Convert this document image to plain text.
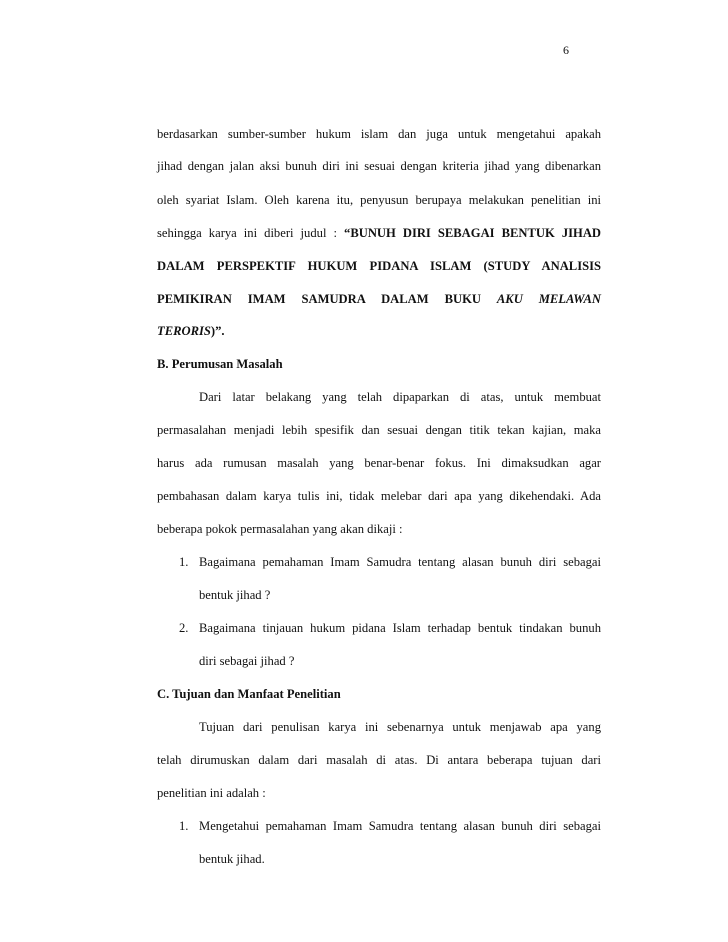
6
berdasarkan sumber-sumber hukum islam dan juga untuk mengetahui apakah
jihad dengan jalan aksi bunuh diri ini sesuai dengan kriteria jihad yang dibenarkan
oleh syariat Islam. Oleh karena itu, penyusun berupaya melakukan penelitian ini
sehingga karya ini diberi judul : “BUNUH DIRI SEBAGAI BENTUK JIHAD
DALAM PERSPEKTIF HUKUM PIDANA ISLAM (STUDY ANALISIS
PEMIKIRAN IMAM SAMUDRA DALAM BUKU AKU MELAWAN
TERORIS)”.
B. Perumusan Masalah
Dari latar belakang yang telah dipaparkan di atas, untuk membuat
permasalahan menjadi lebih spesifik dan sesuai dengan titik tekan kajian, maka
harus ada rumusan masalah yang benar-benar fokus. Ini dimaksudkan agar
pembahasan dalam karya tulis ini, tidak melebar dari apa yang dikehendaki. Ada
beberapa pokok permasalahan yang akan dikaji :
1. Bagaimana pemahaman Imam Samudra tentang alasan bunuh diri sebagai
bentuk jihad ?
2. Bagaimana tinjauan hukum pidana Islam terhadap bentuk tindakan bunuh
diri sebagai jihad ?
C. Tujuan dan Manfaat Penelitian
Tujuan dari penulisan karya ini sebenarnya untuk menjawab apa yang
telah dirumuskan dalam dari masalah di atas. Di antara beberapa tujuan dari
penelitian ini adalah :
1. Mengetahui pemahaman Imam Samudra tentang alasan bunuh diri sebagai
bentuk jihad.
